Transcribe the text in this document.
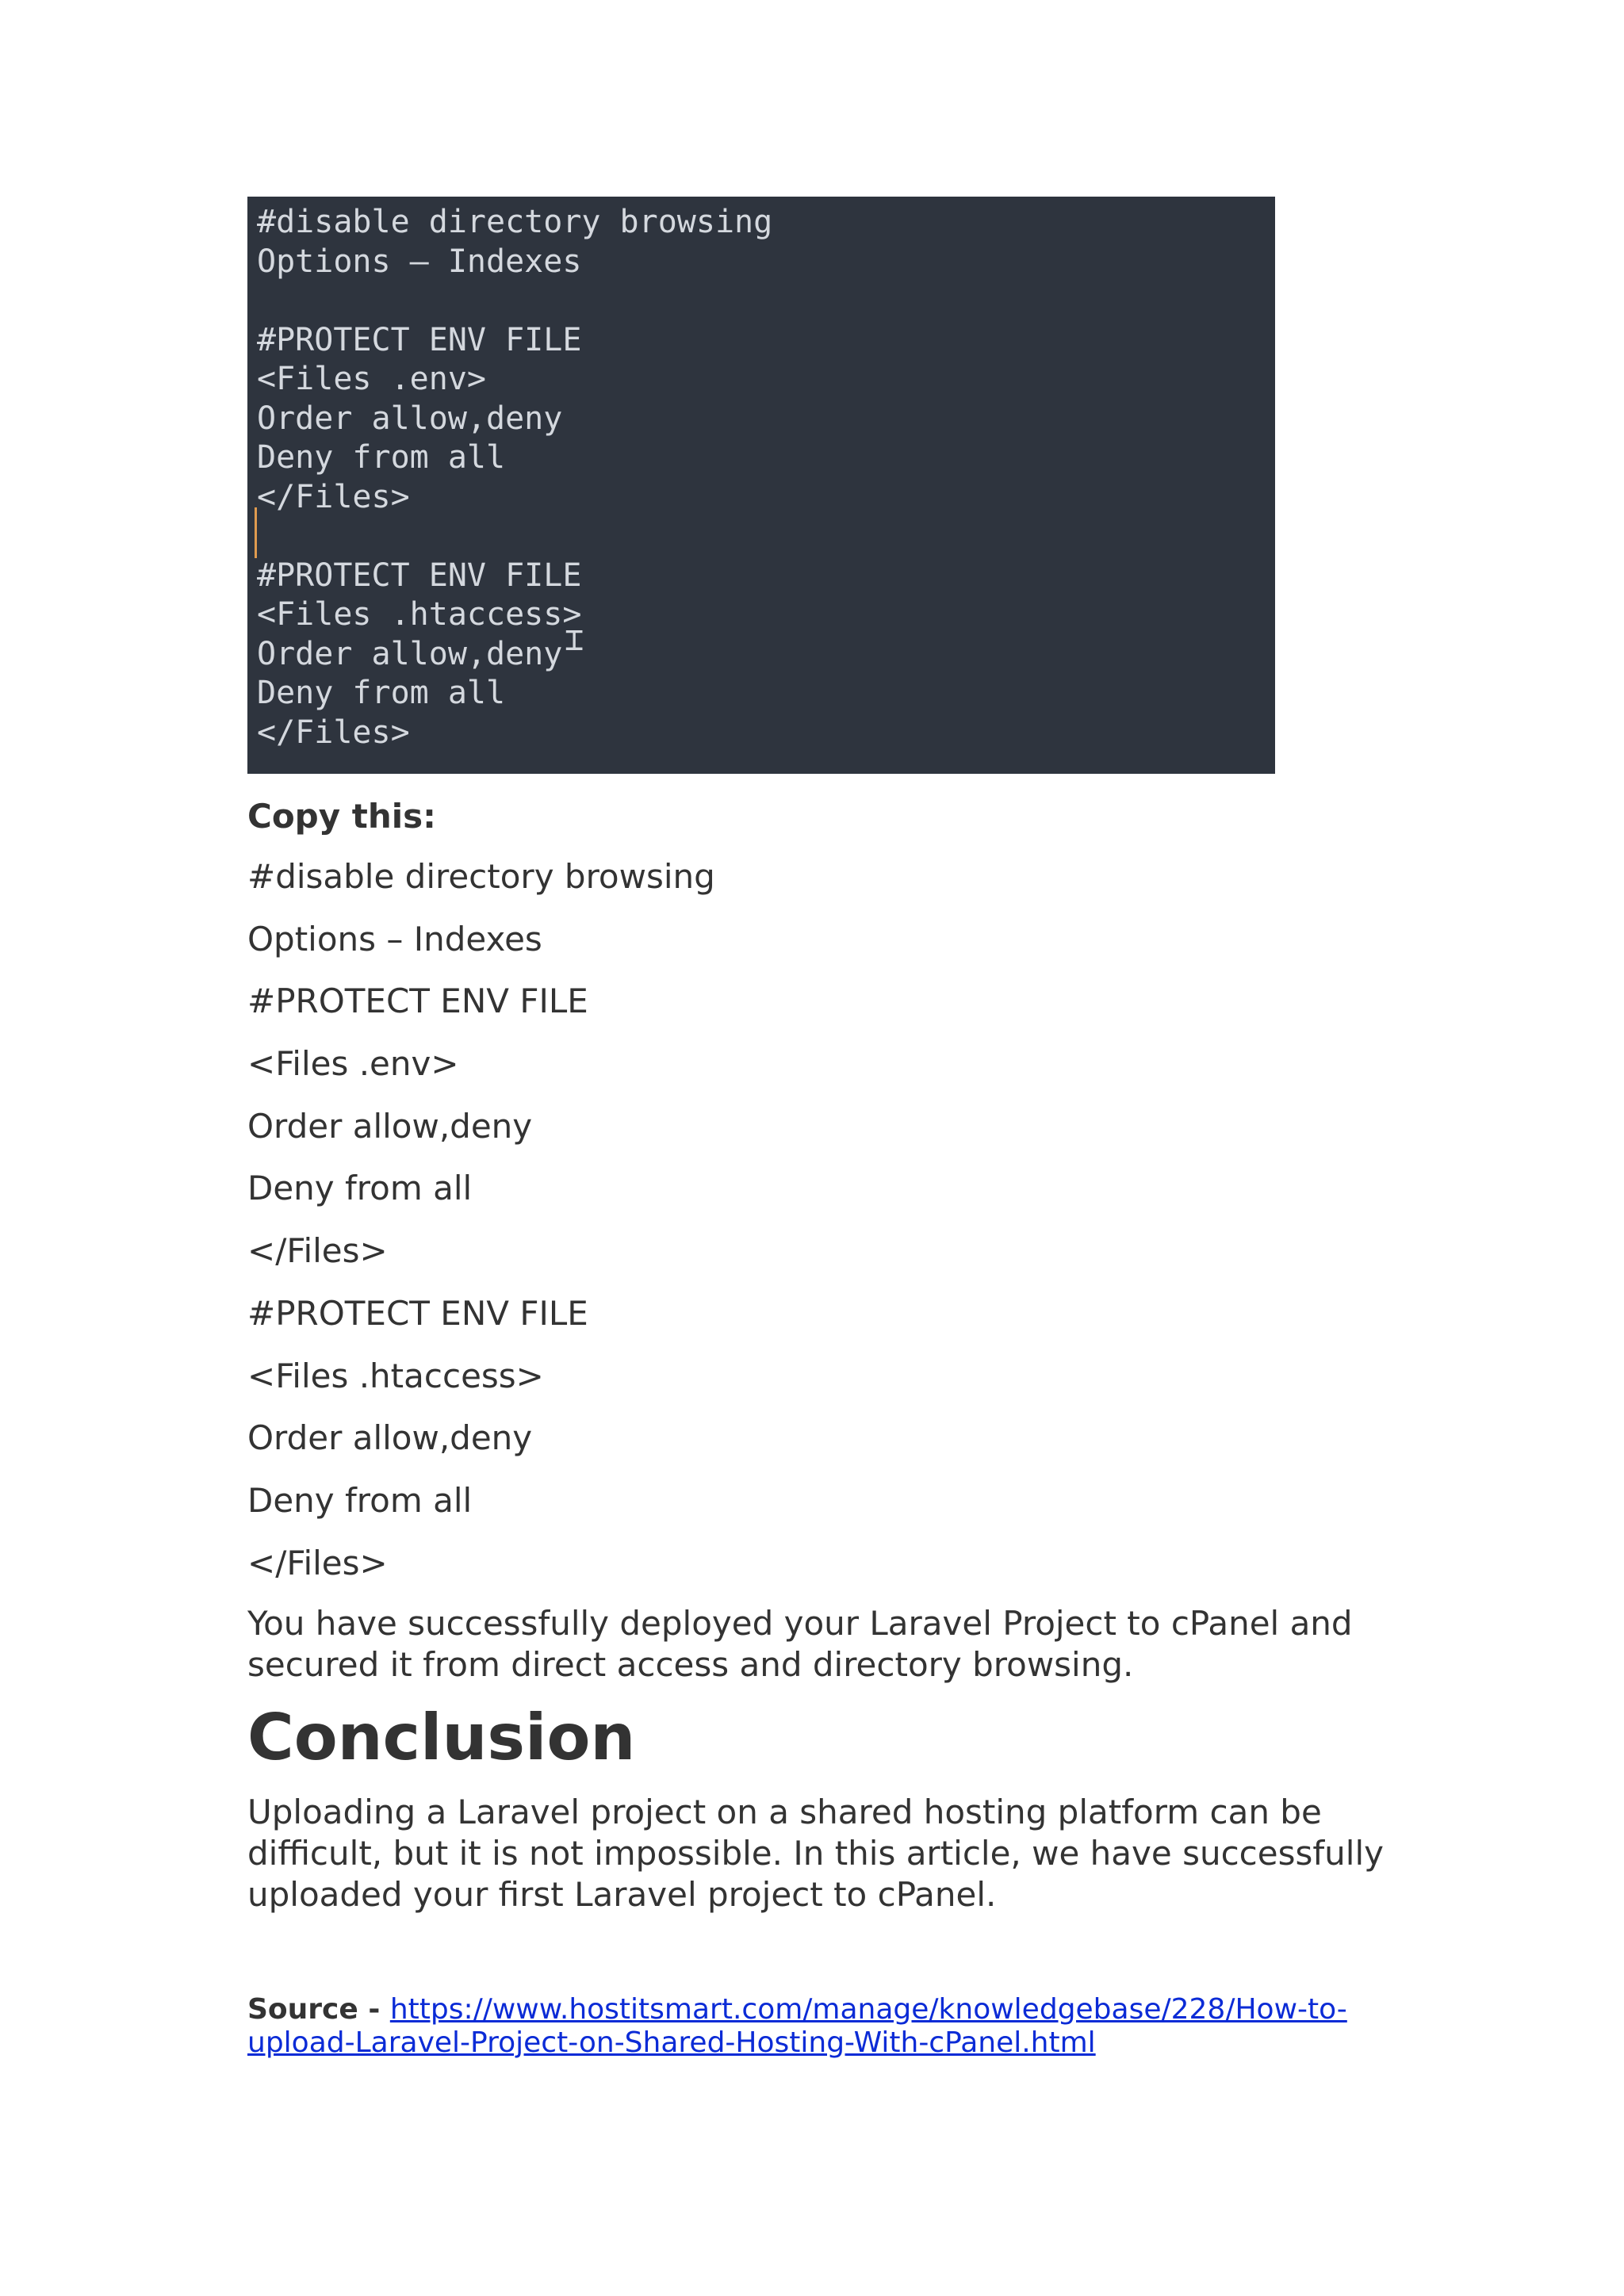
#disable directory browsing
Options – Indexes
#PROTECT ENV FILE
<Files .env>
Order allow,deny
Deny from all
</Files>
#PROTECT ENV FILE
<Files .htaccess>
Order allow,deny
Deny from all
</Files>
⌶
Copy this:
#disable directory browsing
Options – Indexes
#PROTECT ENV FILE
<Files .env>
Order allow,deny
Deny from all
</Files>
#PROTECT ENV FILE
<Files .htaccess>
Order allow,deny
Deny from all
</Files>
You have successfully deployed your Laravel Project to cPanel and secured it from direct access and directory browsing.
Conclusion
Uploading a Laravel project on a shared hosting platform can be difficult, but it is not impossible. In this article, we have successfully uploaded your first Laravel project to cPanel.
Source - https://www.hostitsmart.com/manage/knowledgebase/228/How-to-upload-Laravel-Project-on-Shared-Hosting-With-cPanel.html
